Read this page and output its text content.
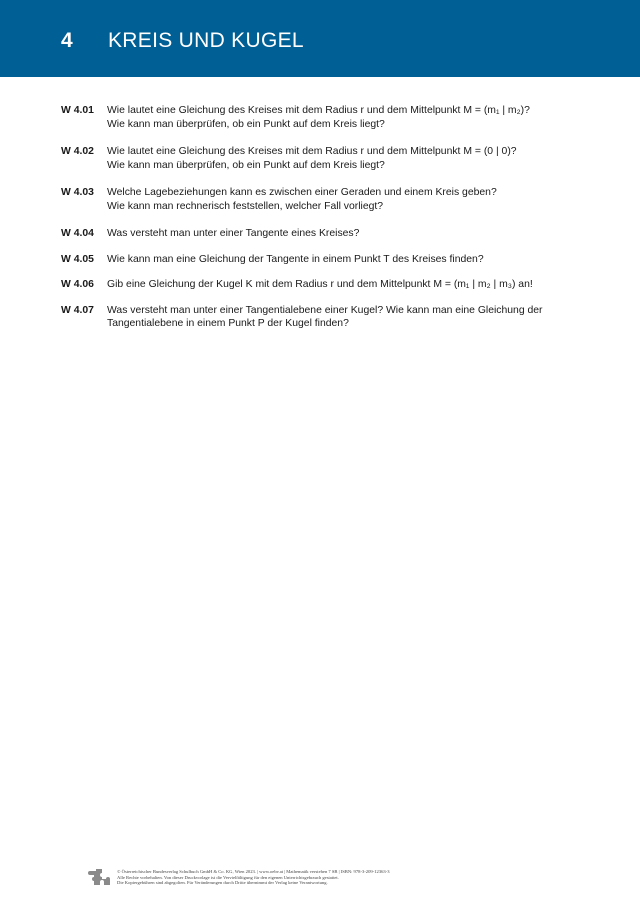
4 KREIS UND KUGEL
W 4.01 Wie lautet eine Gleichung des Kreises mit dem Radius r und dem Mittelpunkt M = (m₁ | m₂)?
Wie kann man überprüfen, ob ein Punkt auf dem Kreis liegt?
W 4.02 Wie lautet eine Gleichung des Kreises mit dem Radius r und dem Mittelpunkt M = (0 | 0)?
Wie kann man überprüfen, ob ein Punkt auf dem Kreis liegt?
W 4.03 Welche Lagebeziehungen kann es zwischen einer Geraden und einem Kreis geben?
Wie kann man rechnerisch feststellen, welcher Fall vorliegt?
W 4.04 Was versteht man unter einer Tangente eines Kreises?
W 4.05 Wie kann man eine Gleichung der Tangente in einem Punkt T des Kreises finden?
W 4.06 Gib eine Gleichung der Kugel K mit dem Radius r und dem Mittelpunkt M = (m₁ | m₂ | m₃) an!
W 4.07 Was versteht man unter einer Tangentialebene einer Kugel? Wie kann man eine Gleichung der
Tangentialebene in einem Punkt P der Kugel finden?
© Österreichischer Bundesverlag Schulbuch GmbH & Co. KG, Wien 2023. | www.oebv.at | Mathematik verstehen 7 SB | ISBN: 978-3-209-12363-3
Alle Rechte vorbehalten. Von dieser Druckvorlage ist die Vervielfältigung für den eigenen Unterrichtsgebrauch gestattet.
Die Kopiergebühren sind abgegolten. Für Veränderungen durch Dritte übernimmt der Verlag keine Verantwortung.
